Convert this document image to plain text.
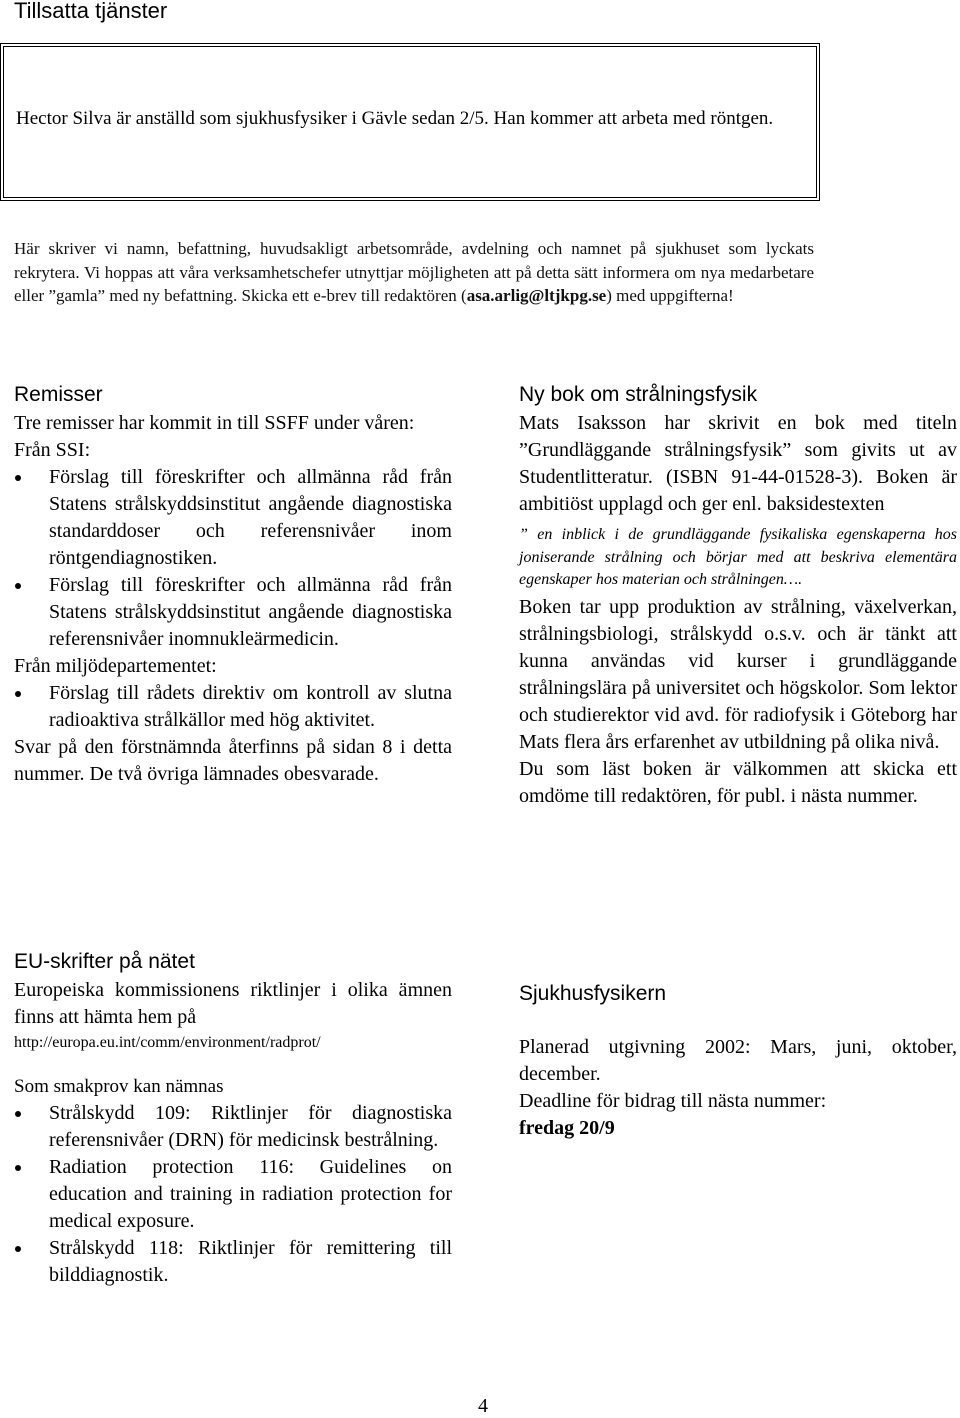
Tillsatta tjänster

Hector Silva är anställd som sjukhusfysiker i Gävle sedan 2/5. Han kommer att arbeta med röntgen.

Här skriver vi namn, befattning, huvudsakligt arbetsområde, avdelning och namnet på sjukhuset som lyckats rekrytera. Vi hoppas att våra verksamhetschefer utnyttjar möjligheten att på detta sätt informera om nya medarbetare eller ”gamla” med ny befattning. Skicka ett e-brev till redaktören (asa.arlig@ltjkpg.se) med uppgifterna!
Remisser
Tre remisser har kommit in till SSFF under våren:
Från SSI:
Förslag till föreskrifter och allmänna råd från Statens strålskyddsinstitut angående diagnostiska standarddoser och referensnivåer inom röntgendiagnostiken.
Förslag till föreskrifter och allmänna råd från Statens strålskyddsinstitut angående diagnostiska referensnivåer inomnukleärmedicin.
Från miljödepartementet:
Förslag till rådets direktiv om kontroll av slutna radioaktiva strålkällor med hög aktivitet.
Svar på den förstnämnda återfinns på sidan 8 i detta nummer. De två övriga lämnades obesvarade.
EU-skrifter på nätet
Europeiska kommissionens riktlinjer i olika ämnen finns att hämta hem på
http://europa.eu.int/comm/environment/radprot/
Som smakprov kan nämnas
Strålskydd 109: Riktlinjer för diagnostiska referensnivåer (DRN) för medicinsk bestrålning.
Radiation protection 116: Guidelines on education and training in radiation protection for medical exposure.
Strålskydd 118: Riktlinjer för remittering till bilddiagnostik.
Ny bok om strålningsfysik
Mats Isaksson har skrivit en bok med titeln ”Grundläggande strålningsfysik” som givits ut av Studentlitteratur. (ISBN 91-44-01528-3). Boken är ambitiöst upplagd och ger enl. baksidestexten
” en inblick i de grundläggande fysikaliska egenskaperna hos joniserande strålning och börjar med att beskriva elementära egenskaper hos materian och strålningen….
Boken tar upp produktion av strålning, växelverkan, strålningsbiologi, strålskydd o.s.v. och är tänkt att kunna användas vid kurser i grundläggande strålningslära på universitet och högskolor. Som lektor och studierektor vid avd. för radiofysik i Göteborg har Mats flera års erfarenhet av utbildning på olika nivå.
Du som läst boken är välkommen att skicka ett omdöme till redaktören, för publ. i nästa nummer.
Sjukhusfysikern
Planerad utgivning 2002: Mars, juni, oktober, december.
Deadline för bidrag till nästa nummer:
fredag 20/9
4
